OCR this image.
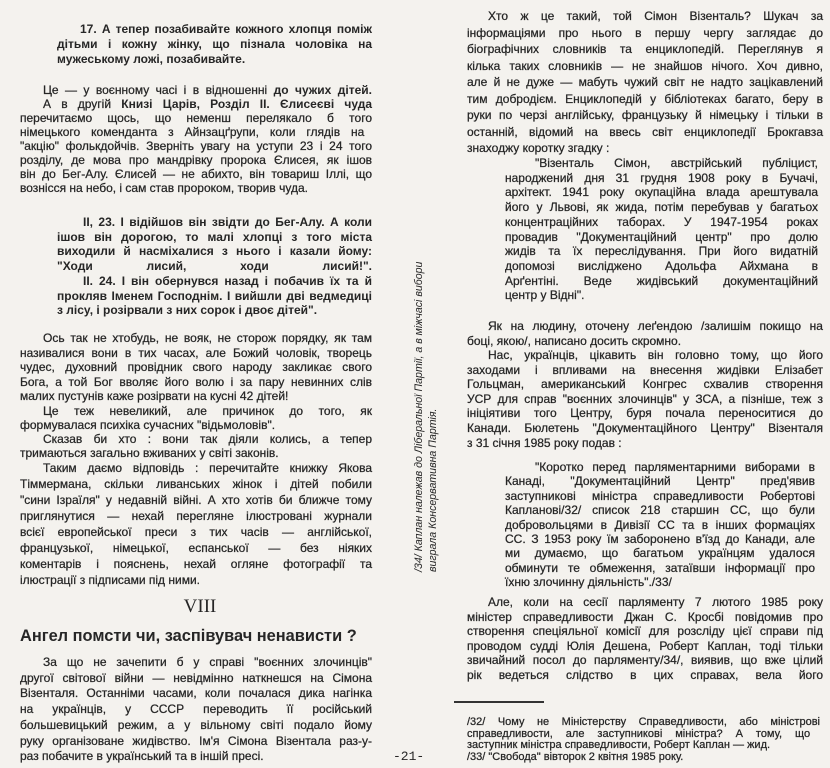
17. А тепер позабивайте кожного хлопця поміж
дітьми і кожну жінку, що пізнала чоловіка на
мужеському ложі, позабивайте.
Це — у воєнному часі і в відношенні до чужих дітей.
А в другій Книзі Царів, Розділ II. Єлисеєві чуда
перечитаємо щось, що неменш перелякало б того
німецького коменданта з Айнзацґрупи, коли глядів на
"акцію" фолькдойчів. Зверніть увагу на уступи 23 і 24 того
розділу, де мова про мандрівку пророка Єлисея, як ішов
він до Бег-Алу. Єлисей — не абихто, він товариш Іллі, що
вознісся на небо, і сам став пророком, творив чуда.
II, 23. І відійшов він звідти до Бег-Алу. А коли
ішов він дорогою, то малі хлопці з того міста
виходили й насміхалися з нього і казали йому:
"Ходи лисий, ходи лисий!".
II. 24. І він обернувся назад і побачив їх та й
прокляв Іменем Господнім. І вийшли дві ведмедиці
з лісу, і розірвали з них сорок і двоє дітей".
Ось так не хтобудь, не вояк, не сторож порядку, як там
називалися вони в тих часах, але Божий чоловік, творець
чудес, духовний провідник свого народу закликає свого
Бога, а той Бог вволяє його волю і за пару невинних слів
малих пустунів каже розірвати на кусні 42 дітей!
Це теж невеликий, але причинок до того, як
формувалася психіка сучасних "відьмоловів".
Сказав би хто : вони так діяли колись, а тепер
тримаються загально вживаних у світі законів.
Таким даємо відповідь : перечитайте книжку Якова
Тіммермана, скільки ливанських жінок і дітей побили
"сини Ізраїля" у недавній війні. А хто хотів би ближче тому
приглянутися — нехай перегляне ілюстровані журнали
всієї европейської преси з тих часів — англійської,
французької, німецької, еспанської — без ніяких
коментарів і пояснень, нехай огляне фотографії та
ілюстрації з підписами під ними.
VIII
Ангел помсти чи, заспівувач ненависти ?
За що не зачепити б у справі "воєнних злочинців"
другої світової війни — невідмінно наткнешся на Сімона
Візенталя. Останніми часами, коли почалася дика нагінка
на українців, у СССР переводить її російський
большевицький режим, а у вільному світі подало йому
руку організоване жидівство. Ім'я Сімона Візентала раз-у-
раз побачите в український та в іншій пресі.
/34/ Каплан належав до Ліберальної Партії, а в міжчасі вибори виграла Консервативна Партія.
-21-
Хто ж це такий, той Сімон Візенталь? Шукач за
інформаціями про нього в першу чергу заглядає до
біографічних словників та енциклопедій. Переглянув я
кілька таких словників — не знайшов нічого. Хоч дивно,
але й не дуже — мабуть чужий світ не надто зацікавлений
тим добродієм. Енциклопедій у бібліотеках багато, беру в
руки по черзі англійську, французьку й німецьку і тільки в
останній, відомий на ввесь світ енциклопедії Брокгавза
знаходжу коротку згадку :
"Візенталь Сімон, австрійський публіцист,
народжений дня 31 грудня 1908 року в Бучачі,
архітект. 1941 року окупаційна влада арештувала
його у Львові, як жида, потім перебував у багатьох
концентраційних таборах. У 1947-1954 роках
провадив "Документаційний центр" про долю
жидів та їх переслідування. При його видатній
допомозі висліджено Адольфа Айхмана в
Арґентіні. Веде жидівський документаційний
центр у Відні".
Як на людину, оточену леґендою /залишім покищо на
боці, якою/, написано досить скромно.
Нас, українців, цікавить він головно тому, що його
заходами і впливами на внесення жидівки Елізабет
Гольцман, американський Конгрес схвалив створення
УСР для справ "воєнних злочинців" у ЗСА, а пізніше, теж з
ініціятиви того Центру, буря почала переноситися до
Канади. Бюлетень "Документаційного Центру" Візенталя
з 31 січня 1985 року подав :
"Коротко перед парляментарними виборами в
Канаді, "Документаційний Центр" пред'явив
заступникові міністра справедливости Робертові
Каплановi/32/ список 218 старшин СС, що були
добровольцями в Дивізії СС та в інших формаціях
СС. З 1953 року їм заборонено в'їзд до Канади, але
ми думаємо, що багатьом українцям удалося
обминути те обмеження, затаївши інформації про
їхню злочинну діяльність"./33/
Але, коли на сесії парляменту 7 лютого 1985 року
міністер справедливости Джан С. Кросбі повідомив про
створення спеціяльної комісії для розсліду цієї справи під
проводом судді Юлія Дешена, Роберт Каплан, тоді тільки
звичайний посол до парляменту/34/, виявив, що вже цілий
рік ведеться слідство в цих справах, вела його
/32/ Чому не Міністерству Справедливости, або міністрові
справедливости, але заступникові міністра? А тому, що
заступник міністра справедливости, Роберт Каплан — жид.
/33/ "Свобода" вівторок 2 квітня 1985 року.
